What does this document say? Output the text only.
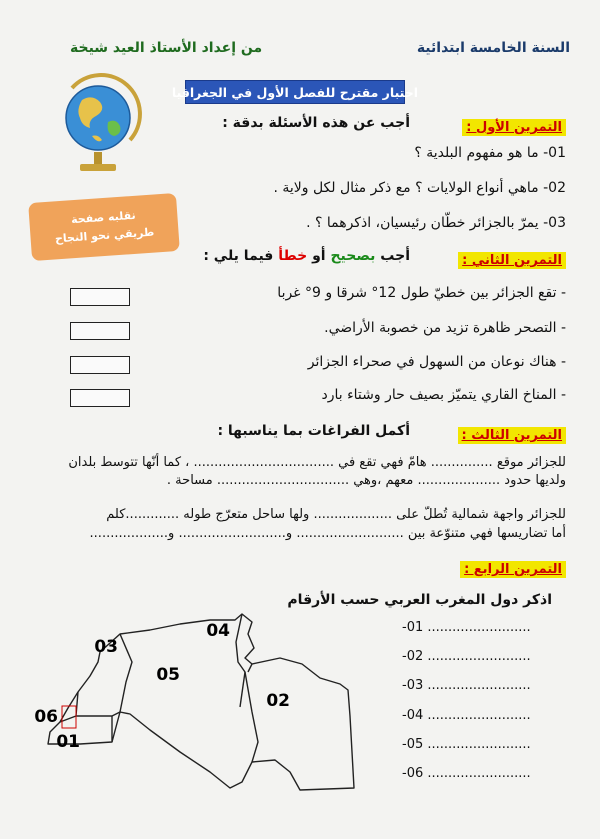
السنة الخامسة ابتدائية
من إعداد الأستاذ العيد شيخة
اختبار مقترح للفصل الأول في الجغرافيا
نقلبه صفحة
طريقي نحو النجاح
التمرين الأول :
أجب عن هذه الأسئلة بدقة :
01- ما هو مفهوم البلدية ؟
02- ماهي أنواع الولايات ؟ مع ذكر مثال لكل ولاية .
03- يمرّ بالجزائر خطّان رئيسيان، اذكرهما ؟ .
التمرين الثاني :
أجب بصحيح أو خطأ فيما يلي :
- تقع الجزائر بين خطيّ طول 12° شرقا و 9° غربا
- التصحر ظاهرة تزيد من خصوبة الأراضي.
- هناك نوعان من السهول في صحراء الجزائر
- المناخ القاري يتميّز بصيف حار وشتاء بارد
التمرين الثالث :
أكمل الفراغات بما يناسبها :
للجزائر موقع ............... هامّ فهي تقع في .................................. ، كما أنّها تتوسط بلدان
ولديها حدود .................... معهم ،وهي ................................ مساحة .
للجزائر واجهة شمالية تُطلّ على ................... ولها ساحل متعرّج طوله .............كلم
أما تضاريسها فهي متنوّعة بين .......................... و.......................... و...................
التمرين الرابع :
اذكر دول المغرب العربي حسب الأرقام
-01 .........................
-02 .........................
-03 .........................
-04 .........................
-05 .........................
-06 .........................
03
05
04
02
06
01
